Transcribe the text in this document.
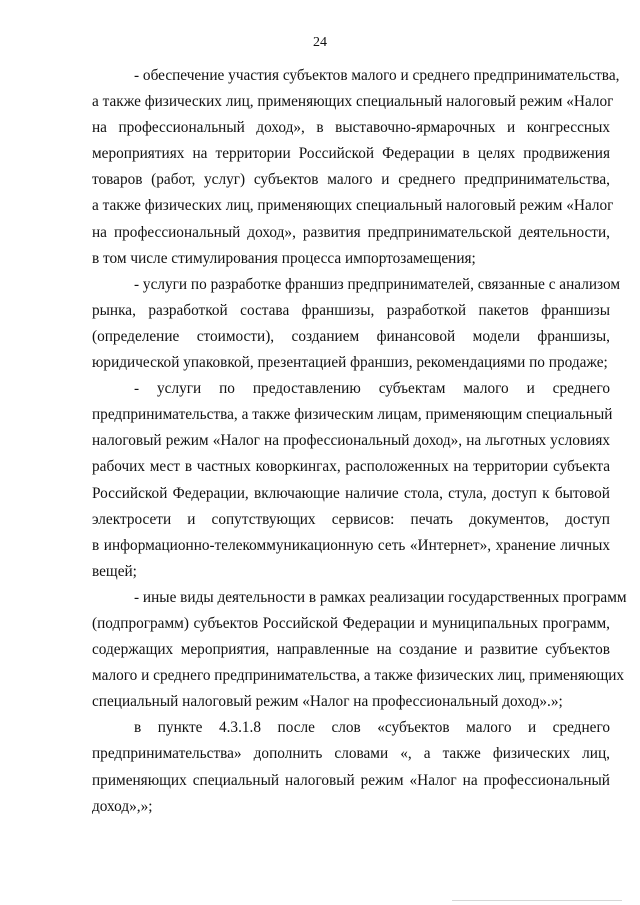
24

- обеспечение участия субъектов малого и среднего предпринимательства,
а также физических лиц, применяющих специальный налоговый режим «Налог
на профессиональный доход», в выставочно-ярмарочных и конгрессных
мероприятиях на территории Российской Федерации в целях продвижения
товаров (работ, услуг) субъектов малого и среднего предпринимательства,
а также физических лиц, применяющих специальный налоговый режим «Налог
на профессиональный доход», развития предпринимательской деятельности,
в том числе стимулирования процесса импортозамещения;

- услуги по разработке франшиз предпринимателей, связанные с анализом
рынка, разработкой состава франшизы, разработкой пакетов франшизы
(определение стоимости), созданием финансовой модели франшизы,
юридической упаковкой, презентацией франшиз, рекомендациями по продаже;

- услуги по предоставлению субъектам малого и среднего
предпринимательства, а также физическим лицам, применяющим специальный
налоговый режим «Налог на профессиональный доход», на льготных условиях
рабочих мест в частных коворкингах, расположенных на территории субъекта
Российской Федерации, включающие наличие стола, стула, доступ к бытовой
электросети и сопутствующих сервисов: печать документов, доступ
в информационно-телекоммуникационную сеть «Интернет», хранение личных
вещей;

- иные виды деятельности в рамках реализации государственных программ
(подпрограмм) субъектов Российской Федерации и муниципальных программ,
содержащих мероприятия, направленные на создание и развитие субъектов
малого и среднего предпринимательства, а также физических лиц, применяющих
специальный налоговый режим «Налог на профессиональный доход».»;

в пункте 4.3.1.8 после слов «субъектов малого и среднего
предпринимательства» дополнить словами «, а также физических лиц,
применяющих специальный налоговый режим «Налог на профессиональный
доход»,»;
